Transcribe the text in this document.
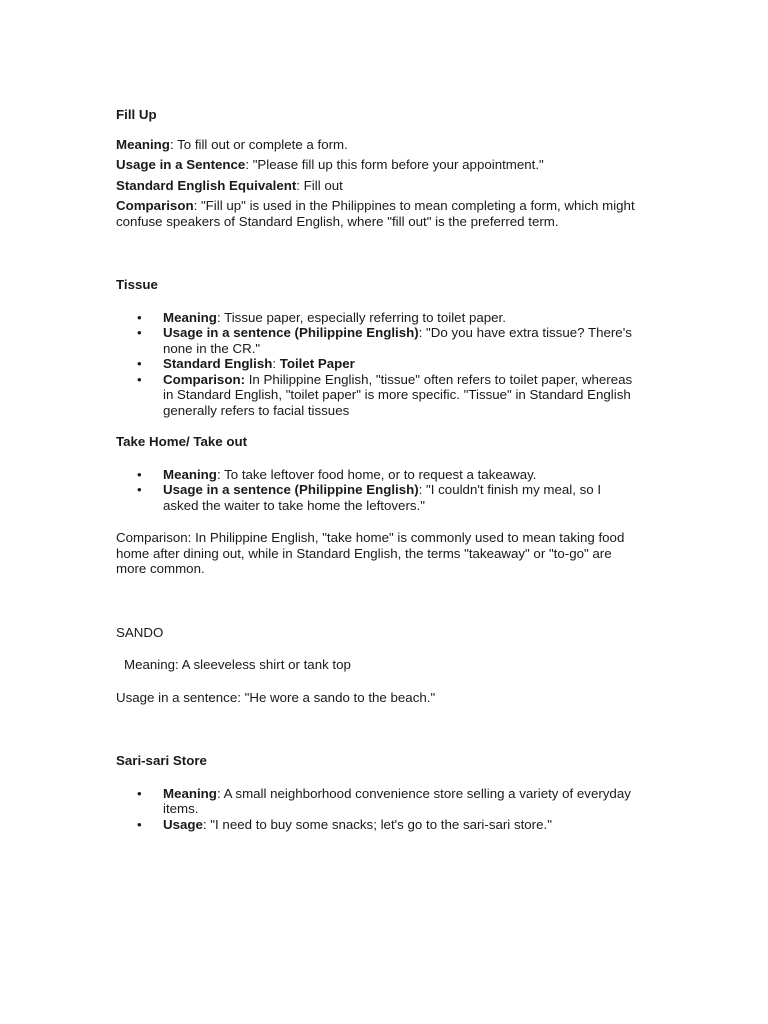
Fill Up

Meaning: To fill out or complete a form.

Usage in a Sentence: "Please fill up this form before your appointment."

Standard English Equivalent: Fill out

Comparison: "Fill up" is used in the Philippines to mean completing a form, which might confuse speakers of Standard English, where "fill out" is the preferred term.

Tissue

• Meaning: Tissue paper, especially referring to toilet paper.
• Usage in a sentence (Philippine English): "Do you have extra tissue? There's none in the CR."
• Standard English: Toilet Paper
• Comparison: In Philippine English, "tissue" often refers to toilet paper, whereas in Standard English, "toilet paper" is more specific. "Tissue" in Standard English generally refers to facial tissues

Take Home/ Take out

• Meaning: To take leftover food home, or to request a takeaway.
• Usage in a sentence (Philippine English): "I couldn't finish my meal, so I asked the waiter to take home the leftovers."

Comparison: In Philippine English, "take home" is commonly used to mean taking food home after dining out, while in Standard English, the terms "takeaway" or "to-go" are more common.

SANDO

Meaning: A sleeveless shirt or tank top

Usage in a sentence: "He wore a sando to the beach."

Sari-sari Store

• Meaning: A small neighborhood convenience store selling a variety of everyday items.
• Usage: "I need to buy some snacks; let's go to the sari-sari store."
